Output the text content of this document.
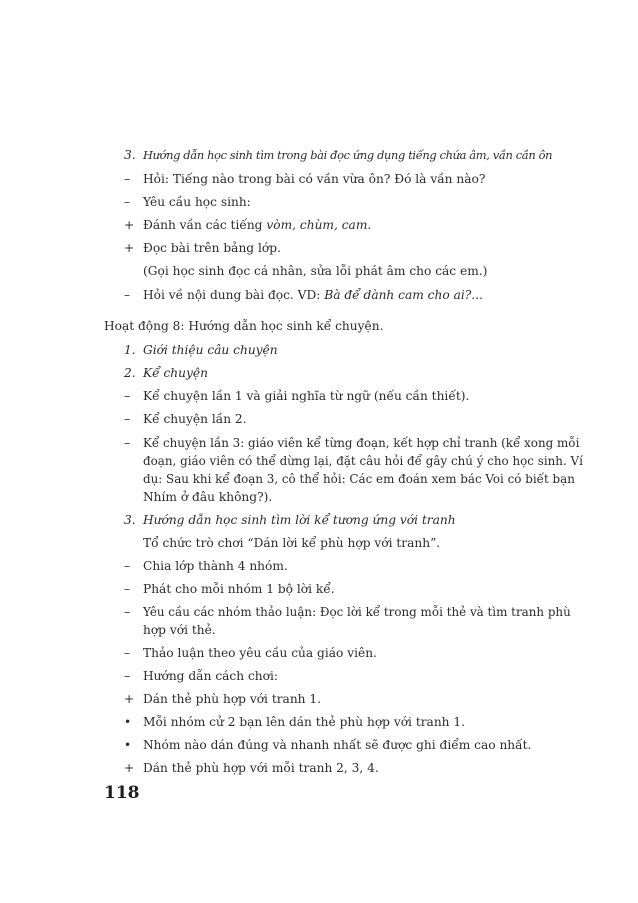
3. Hướng dẫn học sinh tìm trong bài đọc ứng dụng tiếng chứa âm, vần cần ôn
– Hỏi: Tiếng nào trong bài có vần vừa ôn? Đó là vần nào?
– Yêu cầu học sinh:
+ Đánh vần các tiếng vòm, chùm, cam.
+ Đọc bài trên bảng lớp.
(Gọi học sinh đọc cá nhân, sửa lỗi phát âm cho các em.)
– Hỏi về nội dung bài đọc. VD: Bà để dành cam cho ai?...
Hoạt động 8: Hướng dẫn học sinh kể chuyện.
1. Giới thiệu câu chuyện
2. Kể chuyện
– Kể chuyện lần 1 và giải nghĩa từ ngữ (nếu cần thiết).
– Kể chuyện lần 2.
– Kể chuyện lần 3: giáo viên kể từng đoạn, kết hợp chỉ tranh (kể xong mỗi
đoạn, giáo viên có thể dừng lại, đặt câu hỏi để gây chú ý cho học sinh. Ví
dụ: Sau khi kể đoạn 3, cô thể hỏi: Các em đoán xem bác Voi có biết bạn
Nhím ở đâu không?).
3. Hướng dẫn học sinh tìm lời kể tương ứng với tranh
Tổ chức trò chơi “Dán lời kể phù hợp với tranh”.
– Chia lớp thành 4 nhóm.
– Phát cho mỗi nhóm 1 bộ lời kể.
– Yêu cầu các nhóm thảo luận: Đọc lời kể trong mỗi thẻ và tìm tranh phù
hợp với thẻ.
– Thảo luận theo yêu cầu của giáo viên.
– Hướng dẫn cách chơi:
+ Dán thẻ phù hợp với tranh 1.
• Mỗi nhóm cử 2 bạn lên dán thẻ phù hợp với tranh 1.
• Nhóm nào dán đúng và nhanh nhất sẽ được ghi điểm cao nhất.
+ Dán thẻ phù hợp với mỗi tranh 2, 3, 4.
118
